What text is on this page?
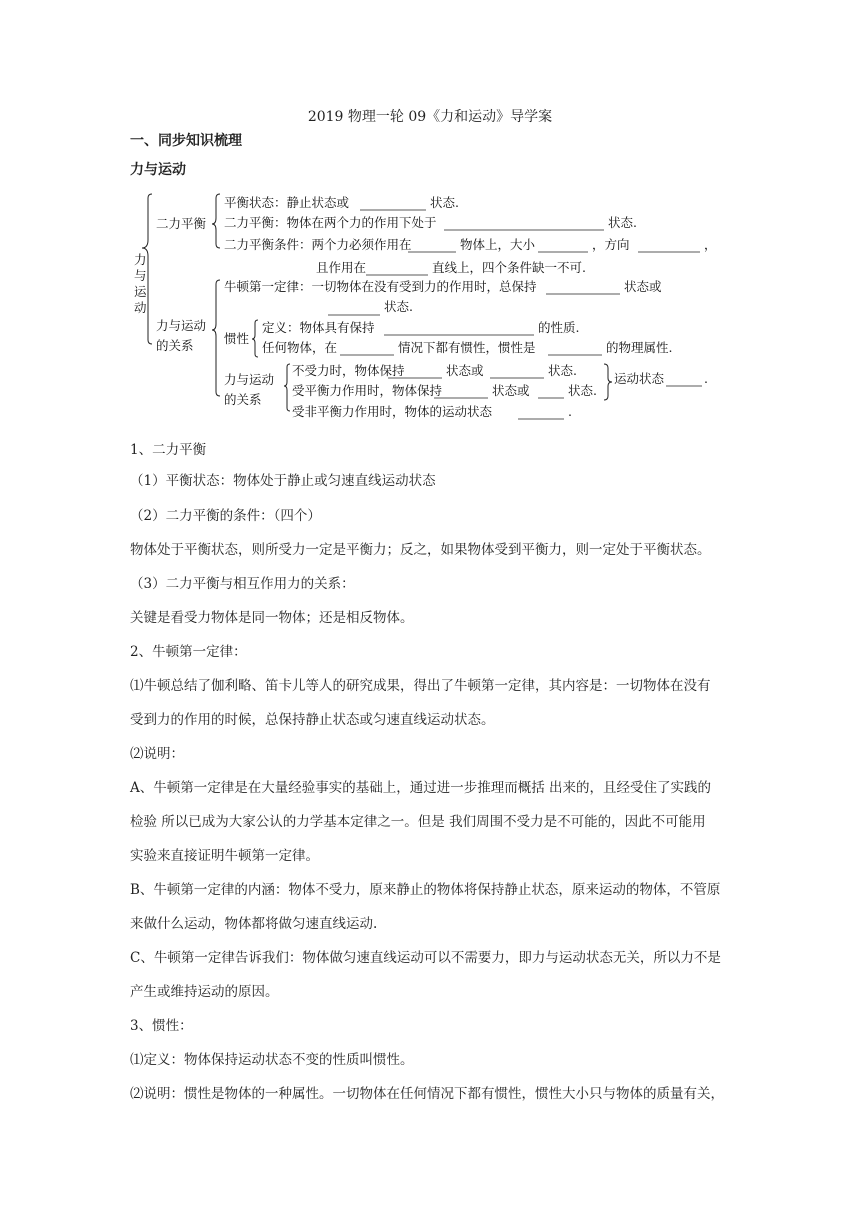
2019 物理一轮 09《力和运动》导学案
一、同步知识梳理
力与运动
力
与
运
动
二力平衡
平衡状态：静止状态或	状态.
二力平衡：物体在两个力的作用下处于	状态.
二力平衡条件：两个力必须作用在	物体上，大小	，方向	，
且作用在	直线上，四个条件缺一不可.
力与运动
的关系
牛顿第一定律：一切物体在没有受到力的作用时，总保持	状态或
状态.
惯性
定义：物体具有保持	的性质.
任何物体，在	情况下都有惯性，惯性是	的物理属性.
力与运动
的关系
不受力时，物体保持	状态或	状态.
受平衡力作用时，物体保持	状态或	状态.
受非平衡力作用时，物体的运动状态	.
运动状态	.
1、二力平衡
（1）平衡状态：物体处于静止或匀速直线运动状态
（2）二力平衡的条件：（四个）
物体处于平衡状态，则所受力一定是平衡力；反之，如果物体受到平衡力，则一定处于平衡状态。
（3）二力平衡与相互作用力的关系：
关键是看受力物体是同一物体；还是相反物体。
2、牛顿第一定律：
⑴牛顿总结了伽利略、笛卡儿等人的研究成果，得出了牛顿第一定律，其内容是：一切物体在没有
受到力的作用的时候，总保持静止状态或匀速直线运动状态。
⑵说明：
A、牛顿第一定律是在大量经验事实的基础上，通过进一步推理而概括 出来的，且经受住了实践的
检验 所以已成为大家公认的力学基本定律之一。但是 我们周围不受力是不可能的，因此不可能用
实验来直接证明牛顿第一定律。
B、牛顿第一定律的内涵：物体不受力，原来静止的物体将保持静止状态，原来运动的物体，不管原
来做什么运动，物体都将做匀速直线运动.
C、牛顿第一定律告诉我们：物体做匀速直线运动可以不需要力，即力与运动状态无关，所以力不是
产生或维持运动的原因。
3、惯性：
⑴定义：物体保持运动状态不变的性质叫惯性。
⑵说明：惯性是物体的一种属性。一切物体在任何情况下都有惯性，惯性大小只与物体的质量有关，
